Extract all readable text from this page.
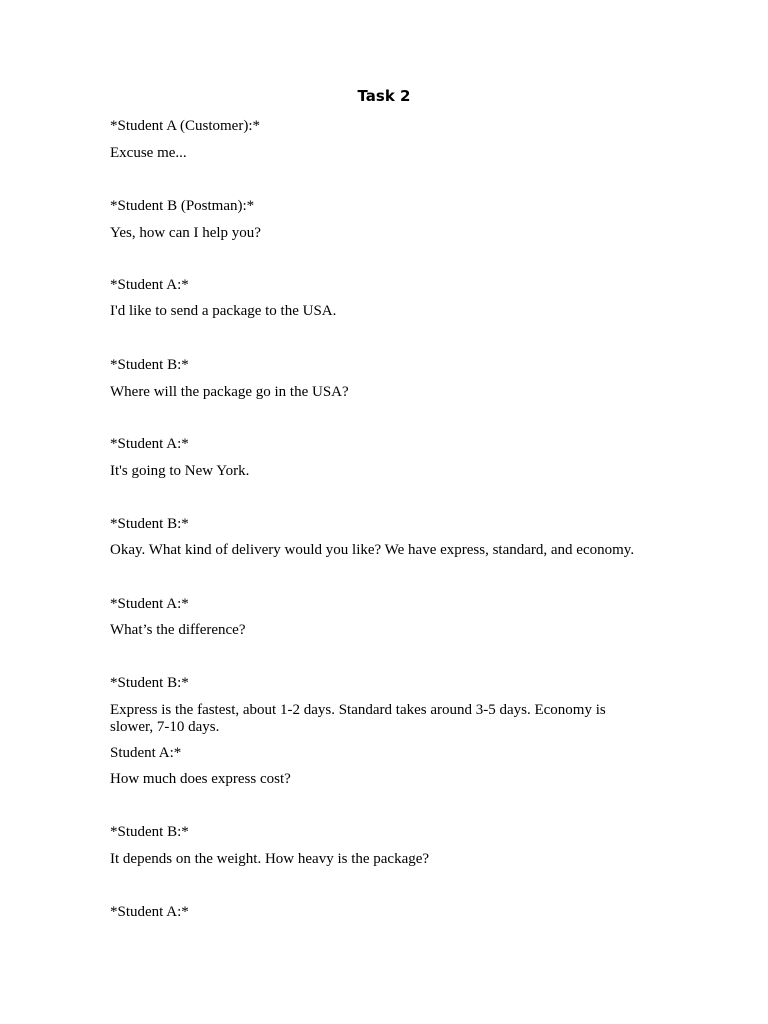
Task 2
*Student A (Customer):*
Excuse me...
*Student B (Postman):*
Yes, how can I help you?
*Student A:*
I'd like to send a package to the USA.
*Student B:*
Where will the package go in the USA?
*Student A:*
It's going to New York.
*Student B:*
Okay. What kind of delivery would you like? We have express, standard, and economy.
*Student A:*
What’s the difference?
*Student B:*
Express is the fastest, about 1-2 days. Standard takes around 3-5 days. Economy is slower, 7-10 days.
Student A:*
How much does express cost?
*Student B:*
It depends on the weight. How heavy is the package?
*Student A:*
